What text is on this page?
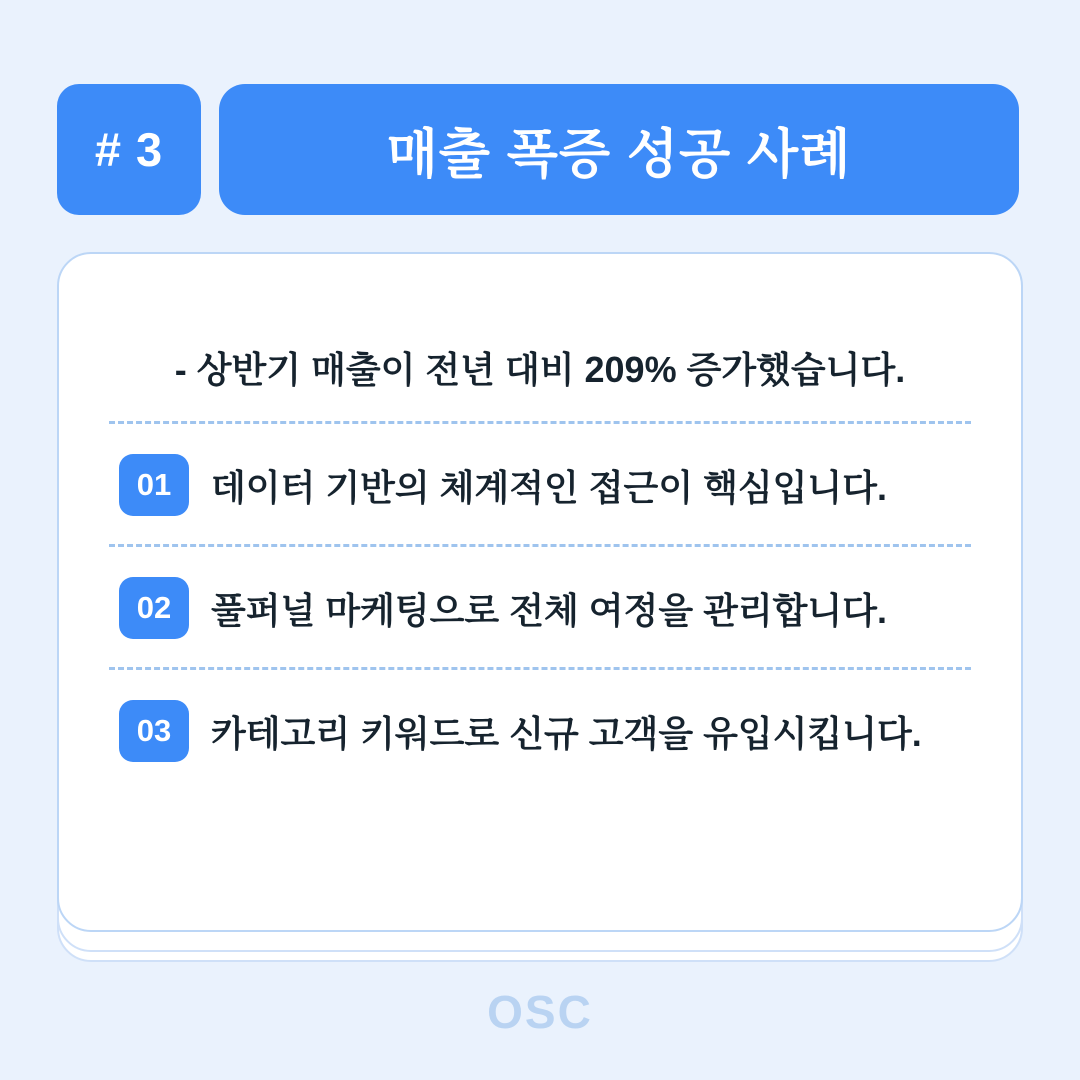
# 3	매출 폭증 성공 사례
- 상반기 매출이 전년 대비 209% 증가했습니다.
01	데이터 기반의 체계적인 접근이 핵심입니다.
02	풀퍼널 마케팅으로 전체 여정을 관리합니다.
03	카테고리 키워드로 신규 고객을 유입시킵니다.
OSC
